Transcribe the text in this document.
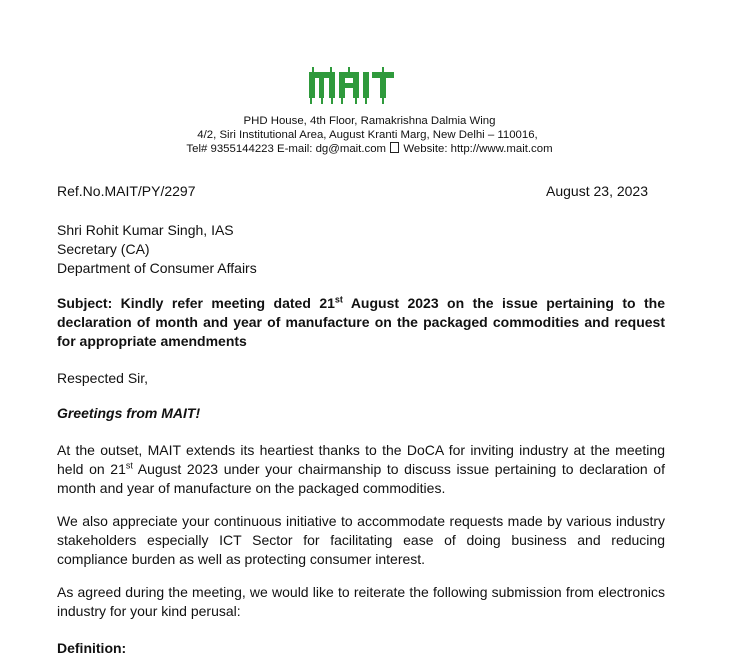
PHD House, 4th Floor, Ramakrishna Dalmia Wing
4/2, Siri Institutional Area, August Kranti Marg, New Delhi – 110016,
Tel# 9355144223 E-mail: dg@mait.com Website: http://www.mait.com
Ref.No.MAIT/PY/2297	August 23, 2023
Shri Rohit Kumar Singh, IAS
Secretary (CA)
Department of Consumer Affairs
Subject: Kindly refer meeting dated 21st August 2023 on the issue pertaining to the declaration of month and year of manufacture on the packaged commodities and request for appropriate amendments
Respected Sir,
Greetings from MAIT!
At the outset, MAIT extends its heartiest thanks to the DoCA for inviting industry at the meeting held on 21st August 2023 under your chairmanship to discuss issue pertaining to declaration of month and year of manufacture on the packaged commodities.
We also appreciate your continuous initiative to accommodate requests made by various industry stakeholders especially ICT Sector for facilitating ease of doing business and reducing compliance burden as well as protecting consumer interest.
As agreed during the meeting, we would like to reiterate the following submission from electronics industry for your kind perusal:
Definition:
